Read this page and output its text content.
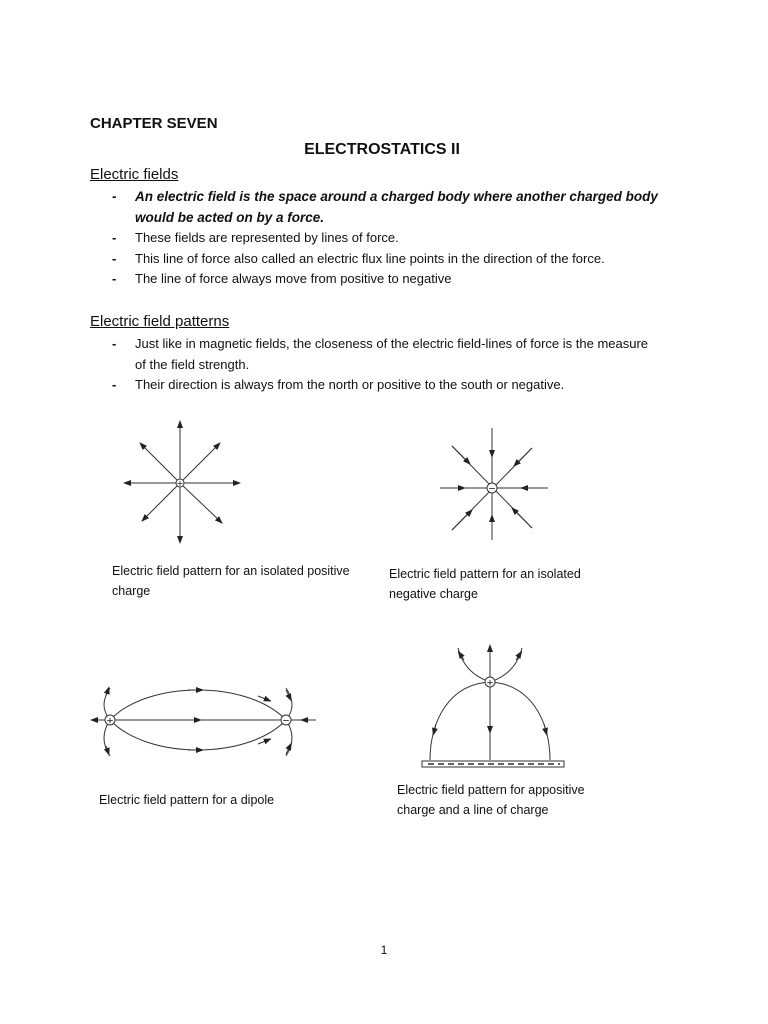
CHAPTER SEVEN
ELECTROSTATICS II
Electric fields
- An electric field is the space around a charged body where another charged body would be acted on by a force.
- These fields are represented by lines of force.
- This line of force also called an electric flux line points in the direction of the force.
- The line of force always move from positive to negative
Electric field patterns
- Just like in magnetic fields, the closeness of the electric field-lines of force is the measure of the field strength.
- Their direction is always from the north or positive to the south or negative.
+
Electric field pattern for an isolated positive charge
−
Electric field pattern for an isolated negative charge
+	−
Electric field pattern for a dipole
+
Electric field pattern for appositive charge and a line of charge
1
